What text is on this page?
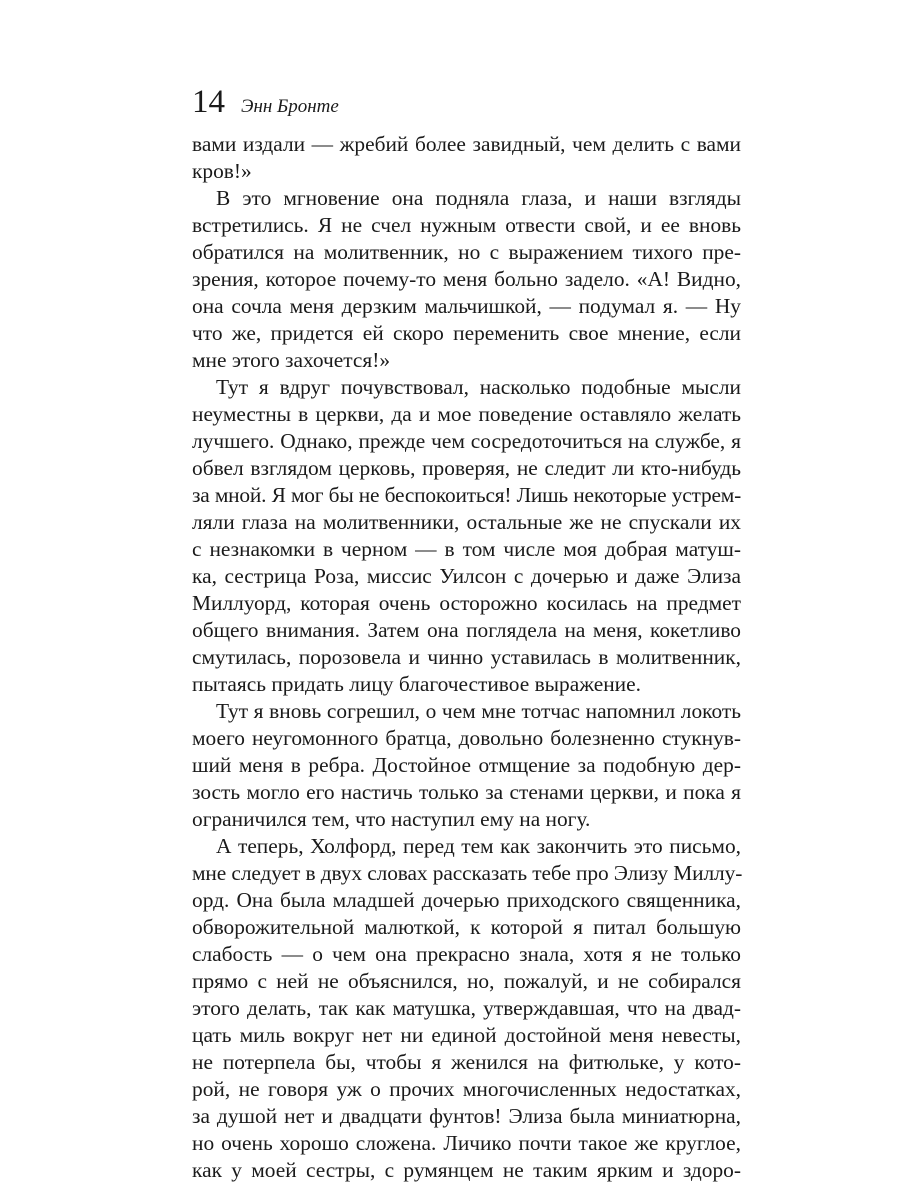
14 Энн Бронте
вами издали — жребий более завидный, чем делить с вами
кров!»
В это мгновение она подняла глаза, и наши взгляды
встретились. Я не счел нужным отвести свой, и ее вновь
обратился на молитвенник, но с выражением тихого пре-
зрения, которое почему-то меня больно задело. «А! Видно,
она сочла меня дерзким мальчишкой, — подумал я. — Ну
что же, придется ей скоро переменить свое мнение, если
мне этого захочется!»
Тут я вдруг почувствовал, насколько подобные мысли
неуместны в церкви, да и мое поведение оставляло желать
лучшего. Однако, прежде чем сосредоточиться на службе, я
обвел взглядом церковь, проверяя, не следит ли кто-нибудь
за мной. Я мог бы не беспокоиться! Лишь некоторые устрем-
ляли глаза на молитвенники, остальные же не спускали их
с незнакомки в черном — в том числе моя добрая матуш-
ка, сестрица Роза, миссис Уилсон с дочерью и даже Элиза
Миллуорд, которая очень осторожно косилась на предмет
общего внимания. Затем она поглядела на меня, кокетливо
смутилась, порозовела и чинно уставилась в молитвенник,
пытаясь придать лицу благочестивое выражение.
Тут я вновь согрешил, о чем мне тотчас напомнил локоть
моего неугомонного братца, довольно болезненно стукнув-
ший меня в ребра. Достойное отмщение за подобную дер-
зость могло его настичь только за стенами церкви, и пока я
ограничился тем, что наступил ему на ногу.
А теперь, Холфорд, перед тем как закончить это письмо,
мне следует в двух словах рассказать тебе про Элизу Миллу-
орд. Она была младшей дочерью приходского священника,
обворожительной малюткой, к которой я питал большую
слабость — о чем она прекрасно знала, хотя я не только
прямо с ней не объяснился, но, пожалуй, и не собирался
этого делать, так как матушка, утверждавшая, что на двад-
цать миль вокруг нет ни единой достойной меня невесты,
не потерпела бы, чтобы я женился на фитюльке, у кото-
рой, не говоря уж о прочих многочисленных недостатках,
за душой нет и двадцати фунтов! Элиза была миниатюрна,
но очень хорошо сложена. Личико почти такое же круглое,
как у моей сестры, с румянцем не таким ярким и здоро-
